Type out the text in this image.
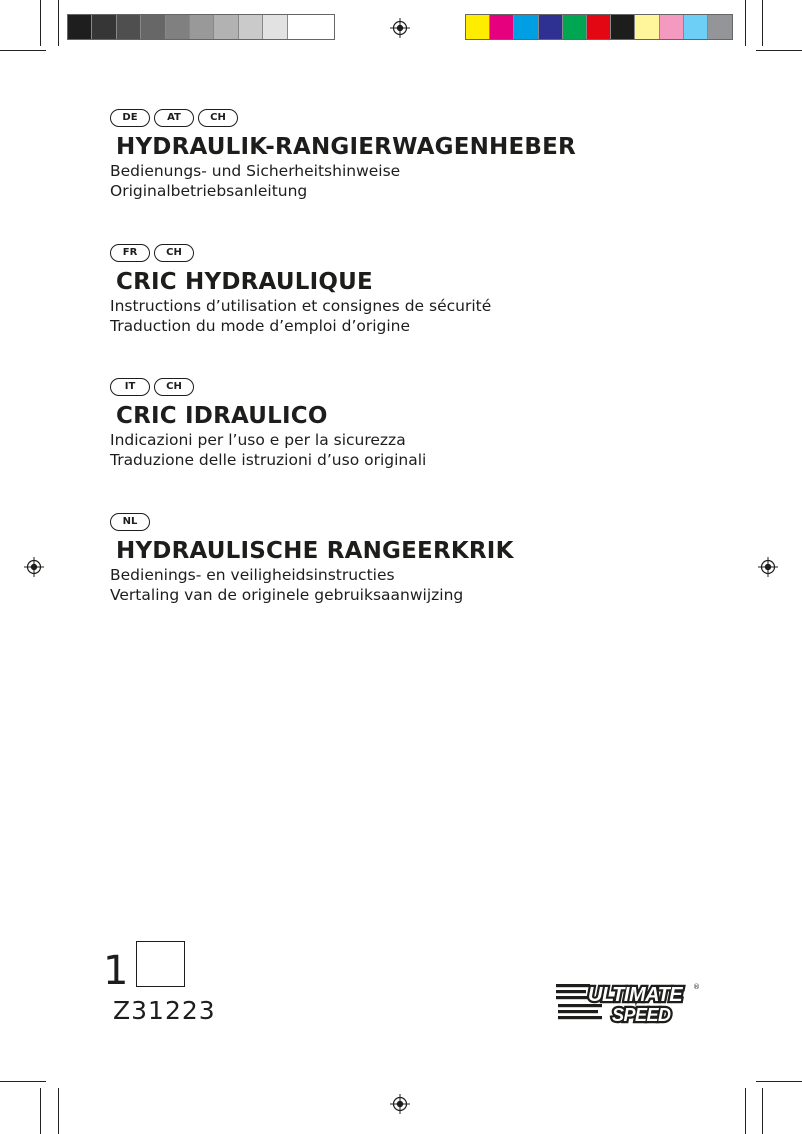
DE	AT	CH
HYDRAULIK-RANGIERWAGENHEBER
Bedienungs- und Sicherheitshinweise
Originalbetriebsanleitung
FR	CH
CRIC HYDRAULIQUE
Instructions d’utilisation et consignes de sécurité
Traduction du mode d’emploi d’origine
IT	CH
CRIC IDRAULICO
Indicazioni per l’uso e per la sicurezza
Traduzione delle istruzioni d’uso originali
NL
HYDRAULISCHE RANGEERKRIK
Bedienings- en veiligheidsinstructies
Vertaling van de originele gebruiksaanwijzing
1
Z31223
ULTIMATE
SPEED
®
